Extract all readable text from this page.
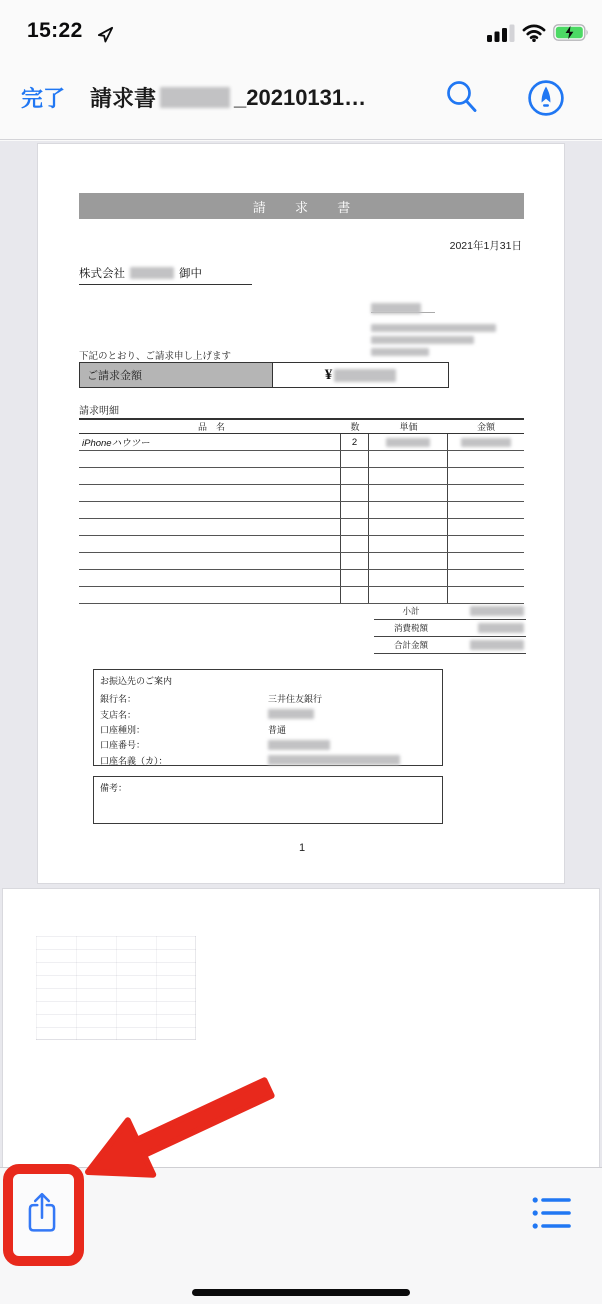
15:22
完了 請求書	_20210131…
請 求 書
2021年1月31日
株式会社	御中
下記のとおり、ご請求申し上げます
ご請求金額	¥
請求明細
品　名	数	単価	金額
iPhoneハウツー	2
小計
消費税額
合計金額
お振込先のご案内
銀行名：	三井住友銀行
支店名：
口座種別：	普通
口座番号：
口座名義（カ）：
備考：
1
